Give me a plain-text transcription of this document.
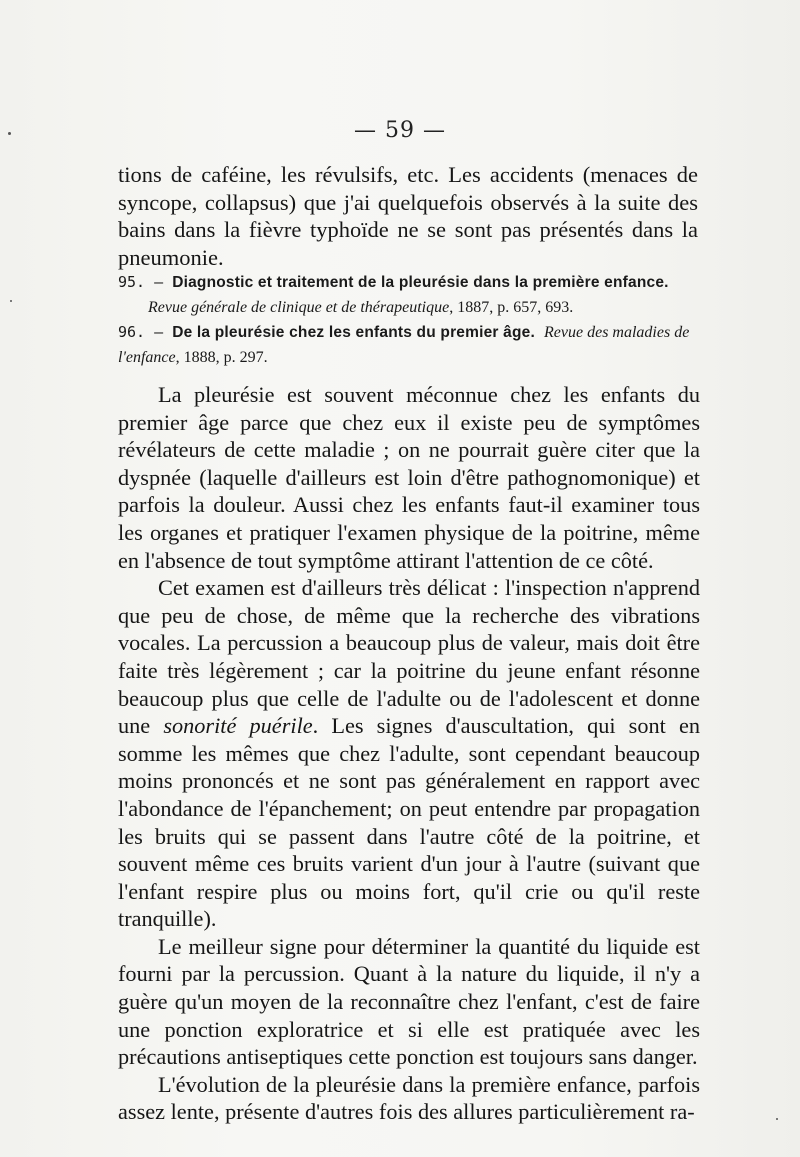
— 59 —

tions de caféine, les révulsifs, etc. Les accidents (menaces de syncope, collapsus) que j'ai quelquefois observés à la suite des bains dans la fièvre typhoïde ne se sont pas présentés dans la pneumonie.

95. — Diagnostic et traitement de la pleurésie dans la première enfance.
Revue générale de clinique et de thérapeutique, 1887, p. 657, 693.
96. — De la pleurésie chez les enfants du premier âge. Revue des maladies de l'enfance, 1888, p. 297.

La pleurésie est souvent méconnue chez les enfants du premier âge parce que chez eux il existe peu de symptômes révélateurs de cette maladie ; on ne pourrait guère citer que la dyspnée (laquelle d'ailleurs est loin d'être pathognomonique) et parfois la douleur. Aussi chez les enfants faut-il examiner tous les organes et pratiquer l'examen physique de la poitrine, même en l'absence de tout symptôme attirant l'attention de ce côté.

Cet examen est d'ailleurs très délicat : l'inspection n'apprend que peu de chose, de même que la recherche des vibrations vocales. La percussion a beaucoup plus de valeur, mais doit être faite très légèrement ; car la poitrine du jeune enfant résonne beaucoup plus que celle de l'adulte ou de l'adolescent et donne une sonorité puérile. Les signes d'auscultation, qui sont en somme les mêmes que chez l'adulte, sont cependant beaucoup moins prononcés et ne sont pas généralement en rapport avec l'abondance de l'épanchement; on peut entendre par propagation les bruits qui se passent dans l'autre côté de la poitrine, et souvent même ces bruits varient d'un jour à l'autre (suivant que l'enfant respire plus ou moins fort, qu'il crie ou qu'il reste tranquille).

Le meilleur signe pour déterminer la quantité du liquide est fourni par la percussion. Quant à la nature du liquide, il n'y a guère qu'un moyen de la reconnaître chez l'enfant, c'est de faire une ponction exploratrice et si elle est pratiquée avec les précautions antiseptiques cette ponction est toujours sans danger.

L'évolution de la pleurésie dans la première enfance, parfois assez lente, présente d'autres fois des allures particulièrement ra-
